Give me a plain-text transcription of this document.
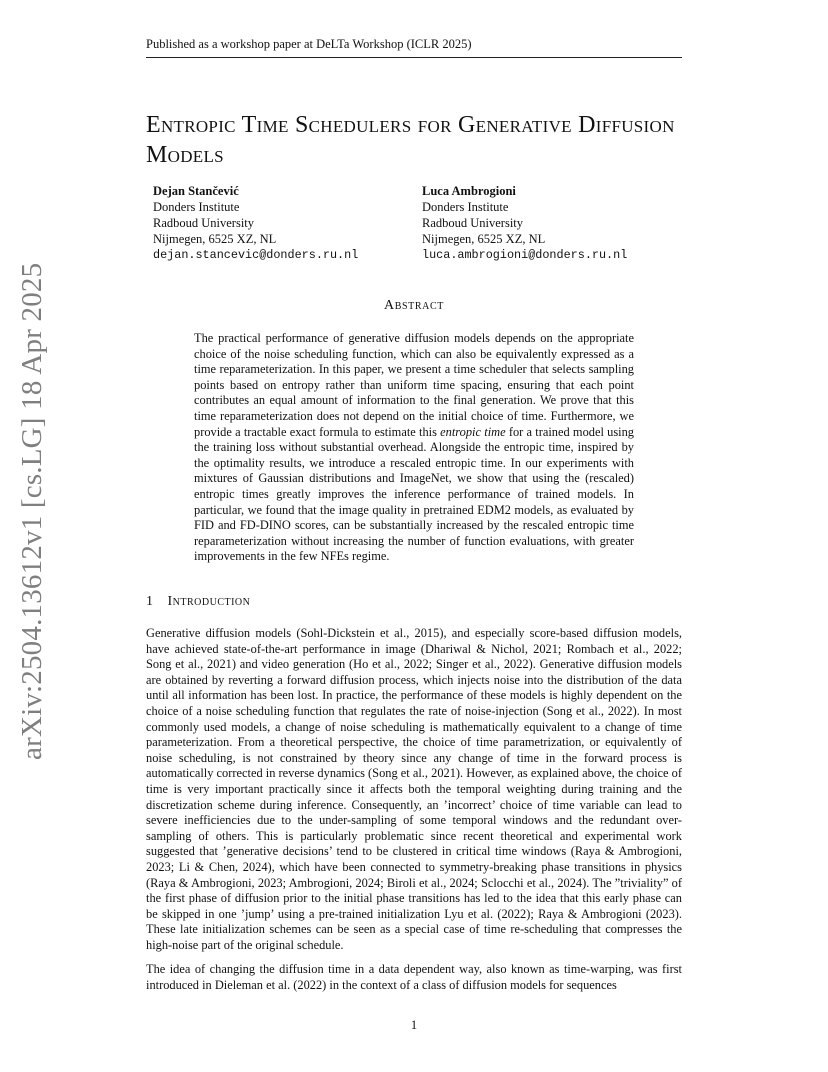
Published as a workshop paper at DeLTa Workshop (ICLR 2025)
arXiv:2504.13612v1 [cs.LG] 18 Apr 2025
Entropic Time Schedulers for Generative Diffusion Models
Dejan Stančević
Donders Institute
Radboud University
Nijmegen, 6525 XZ, NL
dejan.stancevic@donders.ru.nl
Luca Ambrogioni
Donders Institute
Radboud University
Nijmegen, 6525 XZ, NL
luca.ambrogioni@donders.ru.nl
Abstract
The practical performance of generative diffusion models depends on the appropriate choice of the noise scheduling function, which can also be equivalently expressed as a time reparameterization. In this paper, we present a time scheduler that selects sampling points based on entropy rather than uniform time spacing, ensuring that each point contributes an equal amount of information to the final generation. We prove that this time reparameterization does not depend on the initial choice of time. Furthermore, we provide a tractable exact formula to estimate this entropic time for a trained model using the training loss without substantial overhead. Alongside the entropic time, inspired by the optimality results, we introduce a rescaled entropic time. In our experiments with mixtures of Gaussian distributions and ImageNet, we show that using the (rescaled) entropic times greatly improves the inference performance of trained models. In particular, we found that the image quality in pretrained EDM2 models, as evaluated by FID and FD-DINO scores, can be substantially increased by the rescaled entropic time reparameterization without increasing the number of function evaluations, with greater improvements in the few NFEs regime.
1 Introduction

Generative diffusion models (Sohl-Dickstein et al., 2015), and especially score-based diffusion models, have achieved state-of-the-art performance in image (Dhariwal & Nichol, 2021; Rombach et al., 2022; Song et al., 2021) and video generation (Ho et al., 2022; Singer et al., 2022). Generative diffusion models are obtained by reverting a forward diffusion process, which injects noise into the distribution of the data until all information has been lost. In practice, the performance of these models is highly dependent on the choice of a noise scheduling function that regulates the rate of noise-injection (Song et al., 2022). In most commonly used models, a change of noise scheduling is mathematically equivalent to a change of time parameterization. From a theoretical perspective, the choice of time parametrization, or equivalently of noise scheduling, is not constrained by theory since any change of time in the forward process is automatically corrected in reverse dynamics (Song et al., 2021). However, as explained above, the choice of time is very important practically since it affects both the temporal weighting during training and the discretization scheme during inference. Consequently, an ’incorrect’ choice of time variable can lead to severe inefficiencies due to the under-sampling of some temporal windows and the redundant over-sampling of others. This is particularly problematic since recent theoretical and experimental work suggested that ’generative decisions’ tend to be clustered in critical time windows (Raya & Ambrogioni, 2023; Li & Chen, 2024), which have been connected to symmetry-breaking phase transitions in physics (Raya & Ambrogioni, 2023; Ambrogioni, 2024; Biroli et al., 2024; Sclocchi et al., 2024). The ”triviality” of the first phase of diffusion prior to the initial phase transitions has led to the idea that this early phase can be skipped in one ’jump’ using a pre-trained initialization Lyu et al. (2022); Raya & Ambrogioni (2023). These late initialization schemes can be seen as a special case of time re-scheduling that compresses the high-noise part of the original schedule.

The idea of changing the diffusion time in a data dependent way, also known as time-warping, was first introduced in Dieleman et al. (2022) in the context of a class of diffusion models for sequences

1
